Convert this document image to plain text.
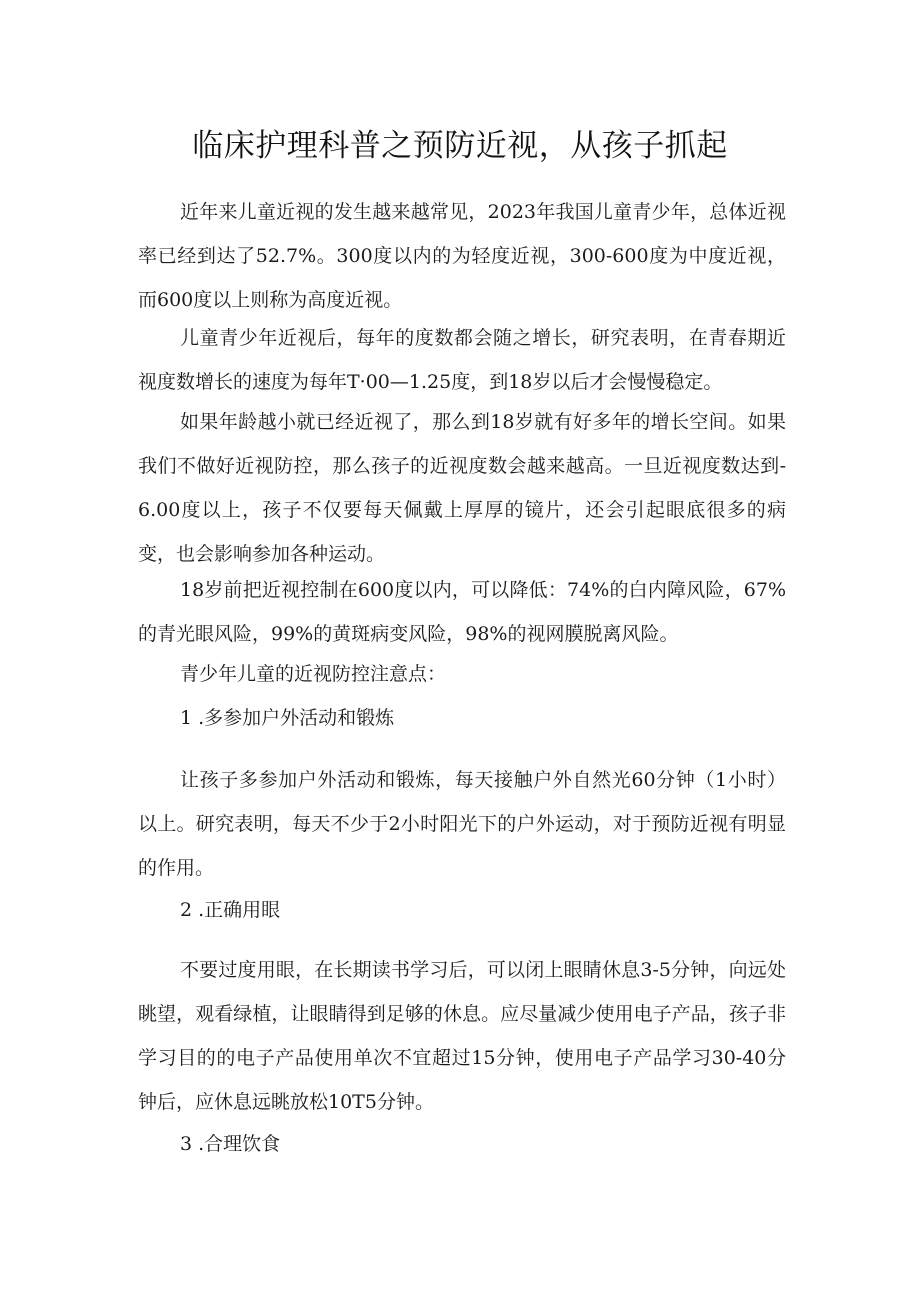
临床护理科普之预防近视，从孩子抓起

近年来儿童近视的发生越来越常见，2023年我国儿童青少年，总体近视率已经到达了52.7%。300度以内的为轻度近视，300-600度为中度近视，而600度以上则称为高度近视。

儿童青少年近视后，每年的度数都会随之增长，研究表明，在青春期近视度数增长的速度为每年T·00—1.25度，到18岁以后才会慢慢稳定。

如果年龄越小就已经近视了，那么到18岁就有好多年的增长空间。如果我们不做好近视防控，那么孩子的近视度数会越来越高。一旦近视度数达到-6.00度以上，孩子不仅要每天佩戴上厚厚的镜片，还会引起眼底很多的病变，也会影响参加各种运动。

18岁前把近视控制在600度以内，可以降低：74%的白内障风险，67%的青光眼风险，99%的黄斑病变风险，98%的视网膜脱离风险。

青少年儿童的近视防控注意点：

1 .多参加户外活动和锻炼

让孩子多参加户外活动和锻炼，每天接触户外自然光60分钟（1小时）以上。研究表明，每天不少于2小时阳光下的户外运动，对于预防近视有明显的作用。

2 .正确用眼

不要过度用眼，在长期读书学习后，可以闭上眼睛休息3-5分钟，向远处眺望，观看绿植，让眼睛得到足够的休息。应尽量减少使用电子产品，孩子非学习目的的电子产品使用单次不宜超过15分钟，使用电子产品学习30-40分钟后，应休息远眺放松10T5分钟。

3 .合理饮食
